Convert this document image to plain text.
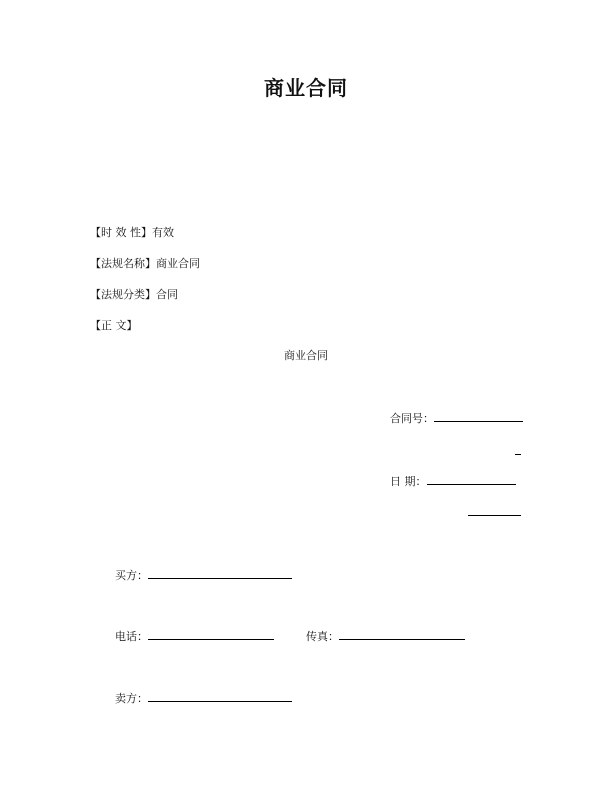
商业合同
【时 效 性】有效
【法规名称】商业合同
【法规分类】合同
【正 文】
商业合同
合同号：
日 期：
买方：
电话：	传真：
卖方：
